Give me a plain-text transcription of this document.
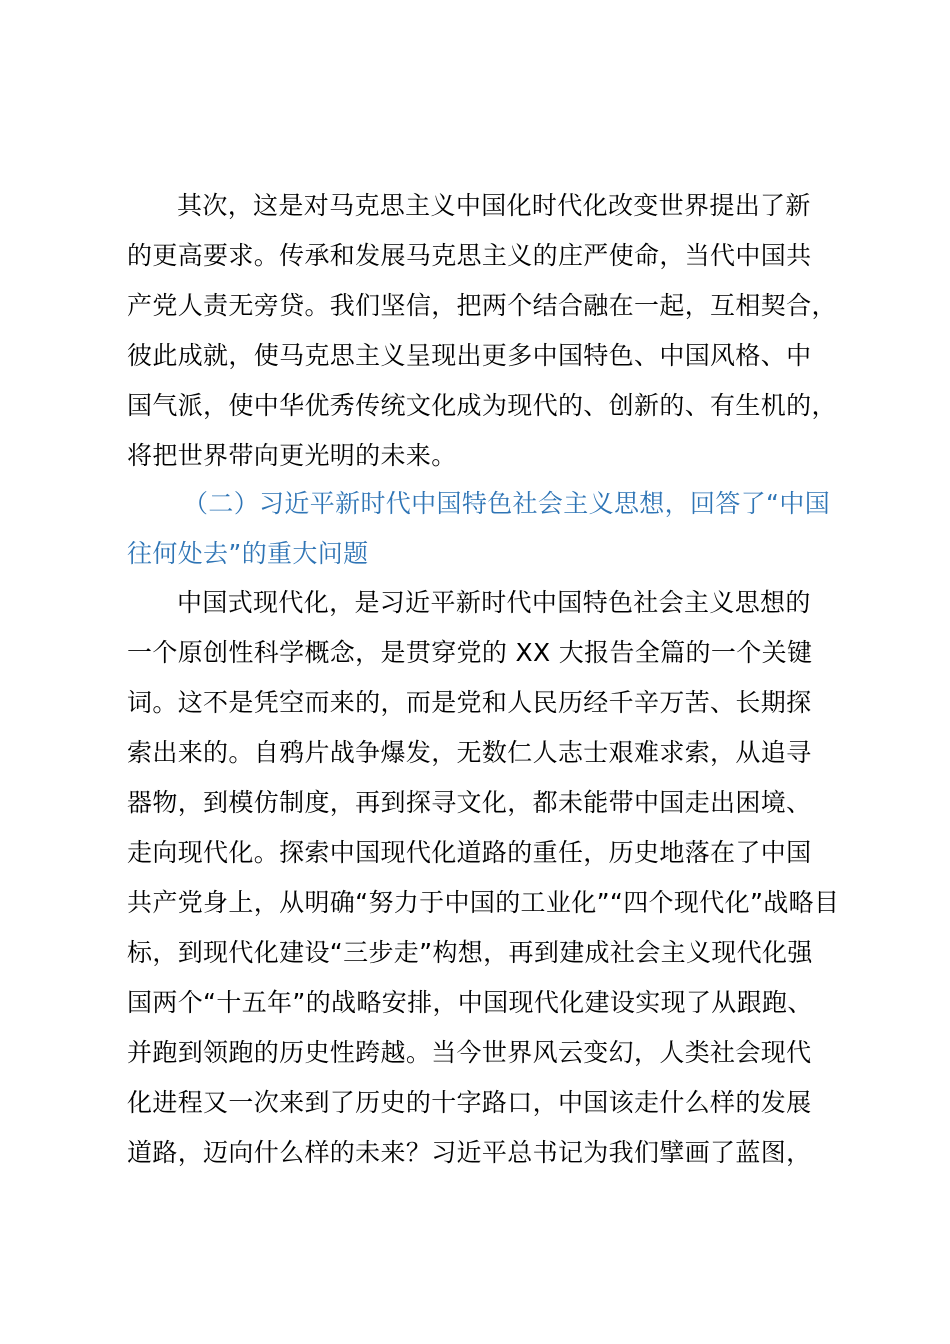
其次，这是对马克思主义中国化时代化改变世界提出了新
的更高要求。传承和发展马克思主义的庄严使命，当代中国共
产党人责无旁贷。我们坚信，把两个结合融在一起，互相契合，
彼此成就，使马克思主义呈现出更多中国特色、中国风格、中
国气派，使中华优秀传统文化成为现代的、创新的、有生机的，
将把世界带向更光明的未来。
（二）习近平新时代中国特色社会主义思想，回答了“中国
往何处去”的重大问题
中国式现代化，是习近平新时代中国特色社会主义思想的
一个原创性科学概念，是贯穿党的 XX 大报告全篇的一个关键
词。这不是凭空而来的，而是党和人民历经千辛万苦、长期探
索出来的。自鸦片战争爆发，无数仁人志士艰难求索，从追寻
器物，到模仿制度，再到探寻文化，都未能带中国走出困境、
走向现代化。探索中国现代化道路的重任，历史地落在了中国
共产党身上，从明确“努力于中国的工业化”“四个现代化”战略目
标，到现代化建设“三步走”构想，再到建成社会主义现代化强
国两个“十五年”的战略安排，中国现代化建设实现了从跟跑、
并跑到领跑的历史性跨越。当今世界风云变幻，人类社会现代
化进程又一次来到了历史的十字路口，中国该走什么样的发展
道路，迈向什么样的未来？习近平总书记为我们擘画了蓝图，
